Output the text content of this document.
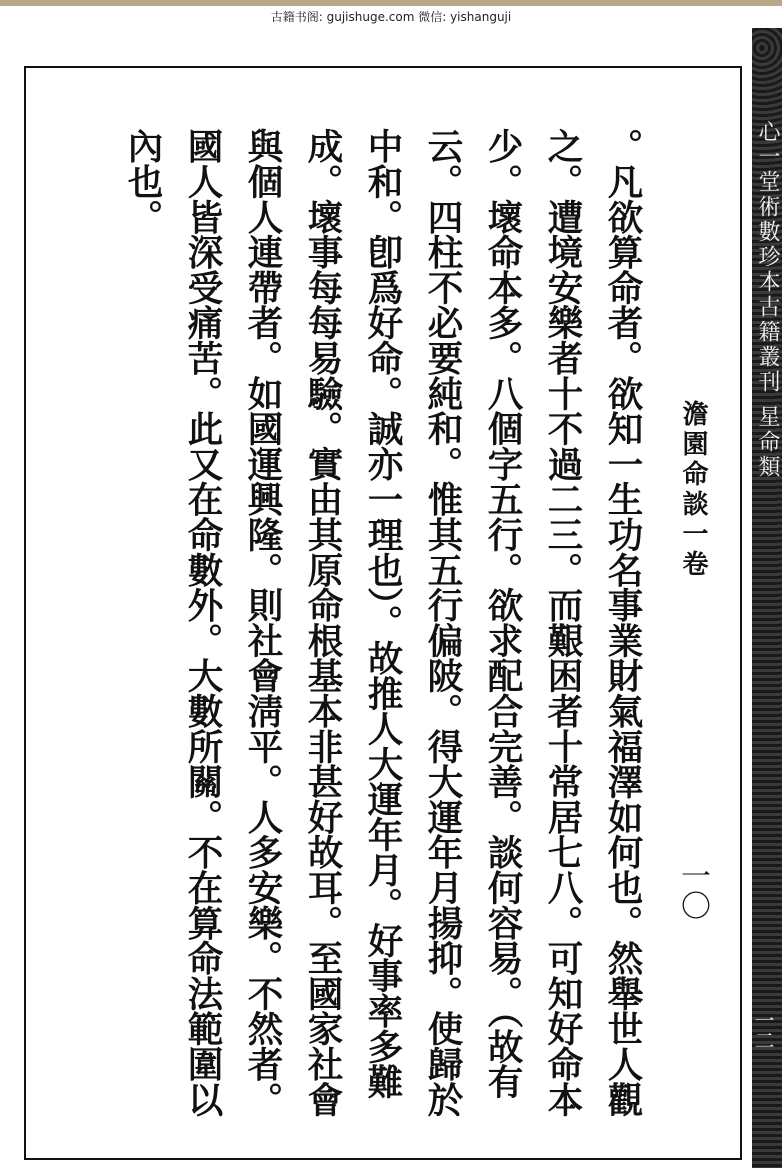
古籍书阁: gujishuge.com 微信: yishanguji
心一堂術數珍本古籍叢刊 星命類
一二
澹園命談一卷
一〇
。凡欲算命者。欲知一生功名事業財氣福澤如何也。然舉世人觀之。遭境安樂者十不過二三。而艱困者十常居七八。可知好命本少。壞命本多。八個字五行。欲求配合完善。談何容易。（故有云。四柱不必要純和。惟其五行偏陂。得大運年月揚抑。使歸於中和。卽爲好命。誠亦一理也）。故推人大運年月。好事率多難成。壞事每每易驗。實由其原命根基本非甚好故耳。至國家社會與個人連帶者。如國運興隆。則社會淸平。人多安樂。不然者。國人皆深受痛苦。此又在命數外。大數所關。不在算命法範圍以內也。
